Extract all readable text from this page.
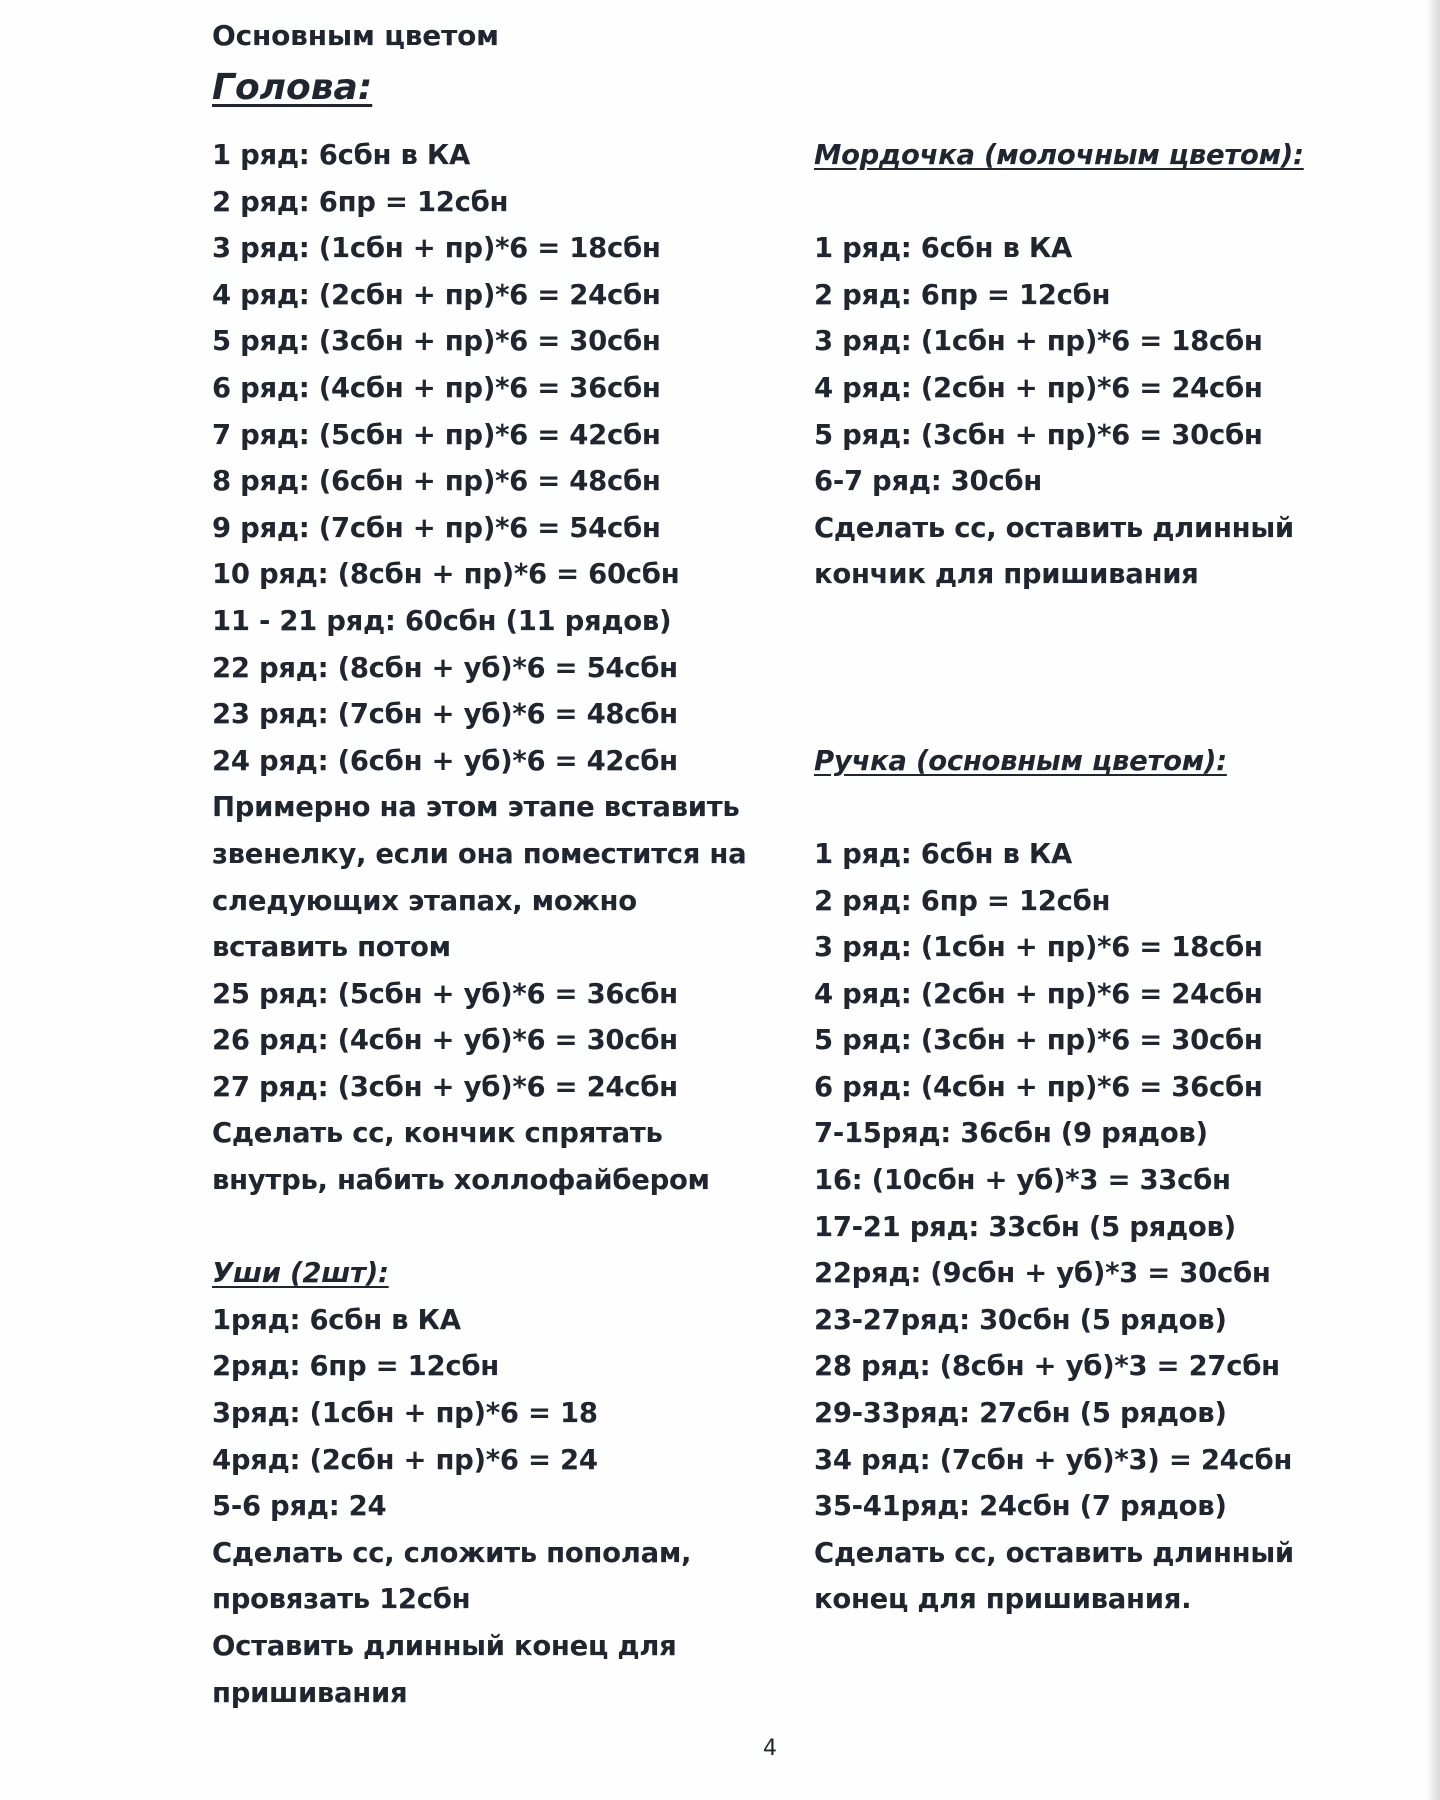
Основным цветом
Голова:
1 ряд: 6сбн в КА
2 ряд: 6пр = 12сбн
3 ряд: (1сбн + пр)*6 = 18сбн
4 ряд: (2сбн + пр)*6 = 24сбн
5 ряд: (3сбн + пр)*6 = 30сбн
6 ряд: (4сбн + пр)*6 = 36сбн
7 ряд: (5сбн + пр)*6 = 42сбн
8 ряд: (6сбн + пр)*6 = 48сбн
9 ряд: (7сбн + пр)*6 = 54сбн
10 ряд: (8сбн + пр)*6 = 60сбн
11 - 21 ряд: 60сбн (11 рядов)
22 ряд: (8сбн + уб)*6 = 54сбн
23 ряд: (7сбн + уб)*6 = 48сбн
24 ряд: (6сбн + уб)*6 = 42сбн
Примерно на этом этапе вставить
звенелку, если она поместится на
следующих этапах, можно
вставить потом
25 ряд: (5сбн + уб)*6 = 36сбн
26 ряд: (4сбн + уб)*6 = 30сбн
27 ряд: (3сбн + уб)*6 = 24сбн
Сделать сс, кончик спрятать
внутрь, набить холлофайбером
Уши (2шт):
1ряд: 6сбн в КА
2ряд: 6пр = 12сбн
3ряд: (1сбн + пр)*6 = 18
4ряд: (2сбн + пр)*6 = 24
5-6 ряд: 24
Сделать сс, сложить пополам,
провязать 12сбн
Оставить длинный конец для
пришивания
Мордочка (молочным цветом):
1 ряд: 6сбн в КА
2 ряд: 6пр = 12сбн
3 ряд: (1сбн + пр)*6 = 18сбн
4 ряд: (2сбн + пр)*6 = 24сбн
5 ряд: (3сбн + пр)*6 = 30сбн
6-7 ряд: 30сбн
Сделать сс, оставить длинный
кончик для пришивания
Ручка (основным цветом):
1 ряд: 6сбн в КА
2 ряд: 6пр = 12сбн
3 ряд: (1сбн + пр)*6 = 18сбн
4 ряд: (2сбн + пр)*6 = 24сбн
5 ряд: (3сбн + пр)*6 = 30сбн
6 ряд: (4сбн + пр)*6 = 36сбн
7-15ряд: 36сбн (9 рядов)
16: (10сбн + уб)*3 = 33сбн
17-21 ряд: 33сбн (5 рядов)
22ряд: (9сбн + уб)*3 = 30сбн
23-27ряд: 30сбн (5 рядов)
28 ряд: (8сбн + уб)*3 = 27сбн
29-33ряд: 27сбн (5 рядов)
34 ряд: (7сбн + уб)*3) = 24сбн
35-41ряд: 24сбн (7 рядов)
Сделать сс, оставить длинный
конец для пришивания.
4
